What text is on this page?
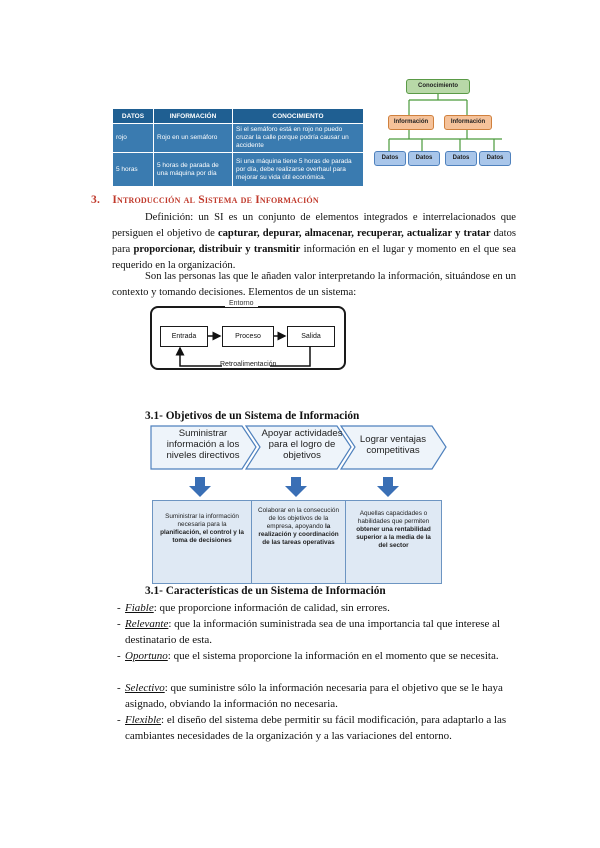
DATOS	INFORMACIÓN	CONOCIMIENTO
rojo	Rojo en un semáforo	Si el semáforo está en rojo no puedo cruzar la calle porque podría causar un accidente
5 horas	5 horas de parada de una máquina por día	Si una máquina tiene 5 horas de parada por día, debe realizarse overhaul para mejorar su vida útil económica.
Conocimiento
Información	Información
Datos	Datos	Datos	Datos
3. Introducción al Sistema de Información
Definición: un SI es un conjunto de elementos integrados e interrelacionados que persiguen el objetivo de capturar, depurar, almacenar, recuperar, actualizar y tratar datos para proporcionar, distribuir y transmitir información en el lugar y momento en el que sea requerido en la organización.
Son las personas las que le añaden valor interpretando la información, situándose en un contexto y tomando decisiones. Elementos de un sistema:
Entorno
Entrada	Proceso	Salida
Retroalimentación
3.1- Objetivos de un Sistema de Información
Suministrar información a los niveles directivos
Apoyar actividades para el logro de objetivos
Lograr ventajas competitivas
Suministrar la información necesaria para la planificación, el control y la toma de decisiones
Colaborar en la consecución de los objetivos de la empresa, apoyando la realización y coordinación de las tareas operativas
Aquellas capacidades o habilidades que permiten obtener una rentabilidad superior a la media de la del sector
3.1- Características de un Sistema de Información
- Fiable: que proporcione información de calidad, sin errores.
- Relevante: que la información suministrada sea de una importancia tal que interese al destinatario de esta.
- Oportuno: que el sistema proporcione la información en el momento que se necesita.
- Selectivo: que suministre sólo la información necesaria para el objetivo que se le haya asignado, obviando la información no necesaria.
- Flexible: el diseño del sistema debe permitir su fácil modificación, para adaptarlo a las cambiantes necesidades de la organización y a las variaciones del entorno.
